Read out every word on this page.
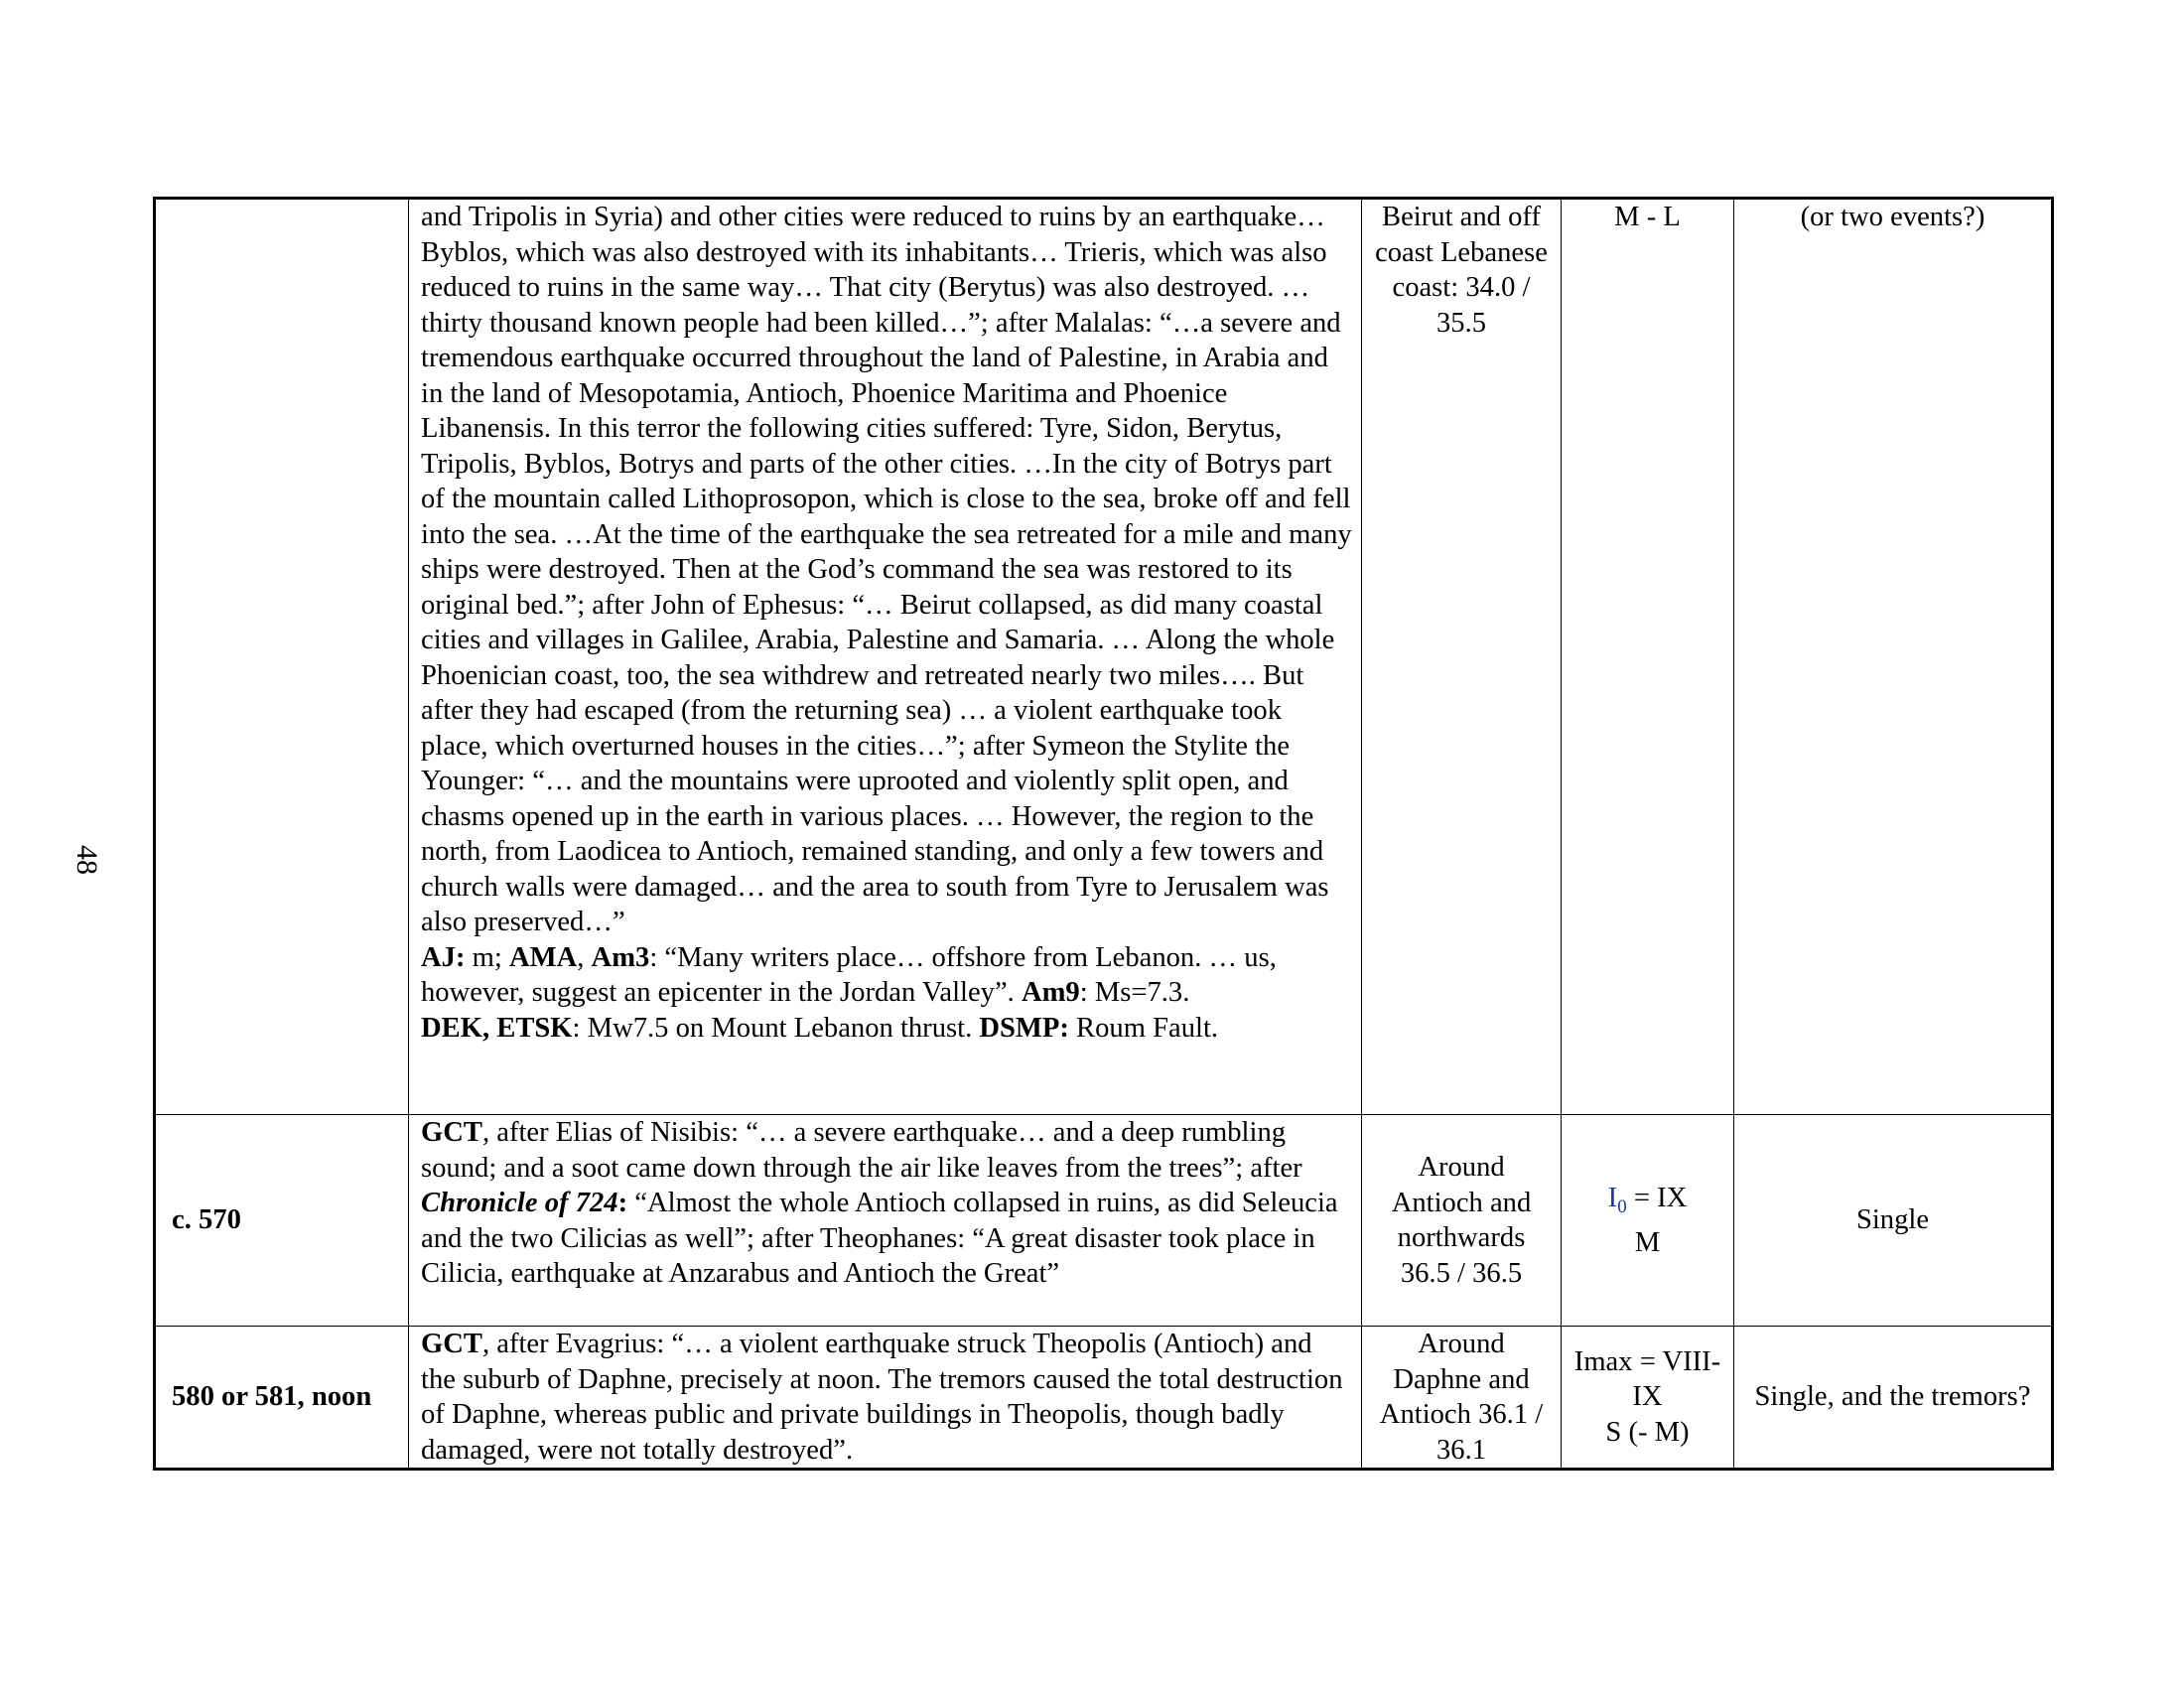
48
	and Tripolis in Syria) and other cities were reduced to ruins by an earthquake… Byblos, which was also destroyed with its inhabitants… Trieris, which was also reduced to ruins in the same way… That city (Berytus) was also destroyed. …thirty thousand known people had been killed…”; after Malalas: “…a severe and tremendous earthquake occurred throughout the land of Palestine, in Arabia and in the land of Mesopotamia, Antioch, Phoenice Maritima and Phoenice Libanensis. In this terror the following cities suffered: Tyre, Sidon, Berytus, Tripolis, Byblos, Botrys and parts of the other cities. …In the city of Botrys part of the mountain called Lithoprosopon, which is close to the sea, broke off and fell into the sea. …At the time of the earthquake the sea retreated for a mile and many ships were destroyed. Then at the God’s command the sea was restored to its original bed.”; after John of Ephesus: “… Beirut collapsed, as did many coastal cities and villages in Galilee, Arabia, Palestine and Samaria. … Along the whole Phoenician coast, too, the sea withdrew and retreated nearly two miles…. But after they had escaped (from the returning sea) … a violent earthquake took place, which overturned houses in the cities…”; after Symeon the Stylite the Younger: “… and the mountains were uprooted and violently split open, and chasms opened up in the earth in various places. … However, the region to the north, from Laodicea to Antioch, remained standing, and only a few towers and church walls were damaged… and the area to south from Tyre to Jerusalem was also preserved…”
AJ: m; AMA, Am3: “Many writers place… offshore from Lebanon. … us, however, suggest an epicenter in the Jordan Valley”. Am9: Ms=7.3.
DEK, ETSK: Mw7.5 on Mount Lebanon thrust. DSMP: Roum Fault.	Beirut and off coast Lebanese coast: 34.0 / 35.5	M - L	(or two events?)
c. 570	GCT, after Elias of Nisibis: “… a severe earthquake… and a deep rumbling sound; and a soot came down through the air like leaves from the trees”; after Chronicle of 724: “Almost the whole Antioch collapsed in ruins, as did Seleucia and the two Cilicias as well”; after Theophanes: “A great disaster took place in Cilicia, earthquake at Anzarabus and Antioch the Great”	Around Antioch and northwards 36.5 / 36.5	$I_0$ = IX
M	Single
580 or 581, noon	GCT, after Evagrius: “… a violent earthquake struck Theopolis (Antioch) and the suburb of Daphne, precisely at noon. The tremors caused the total destruction of Daphne, whereas public and private buildings in Theopolis, though badly damaged, were not totally destroyed”.	Around Daphne and Antioch 36.1 / 36.1	Imax = VIII-IX
S (- M)	Single, and the tremors?
